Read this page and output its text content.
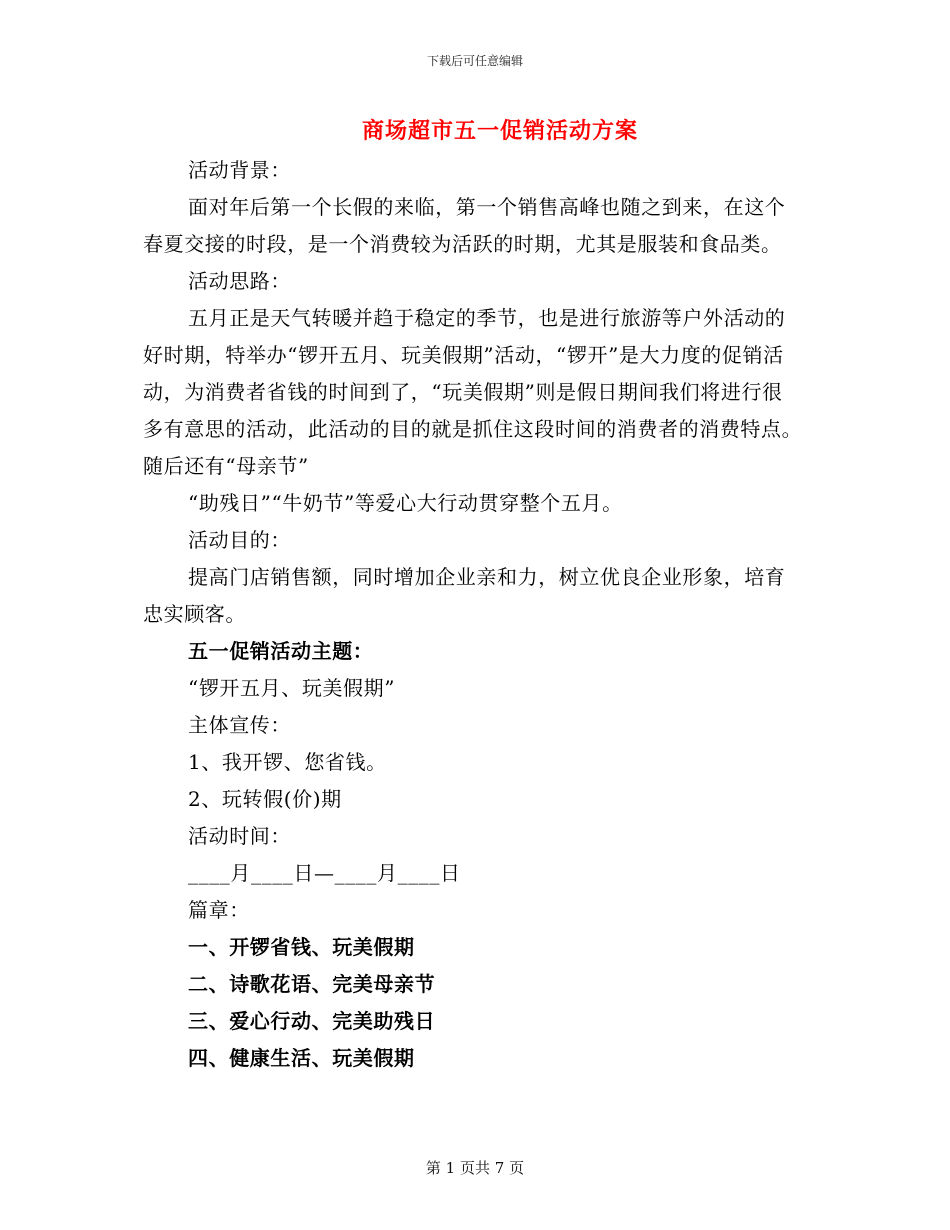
下载后可任意编辑
商场超市五一促销活动方案

活动背景：

面对年后第一个长假的来临，第一个销售高峰也随之到来，在这个春夏交接的时段，是一个消费较为活跃的时期，尤其是服装和食品类。

活动思路：

五月正是天气转暖并趋于稳定的季节，也是进行旅游等户外活动的好时期，特举办“锣开五月、玩美假期”活动，“锣开”是大力度的促销活动，为消费者省钱的时间到了，“玩美假期”则是假日期间我们将进行很多有意思的活动，此活动的目的就是抓住这段时间的消费者的消费特点。随后还有“母亲节”

“助残日”“牛奶节”等爱心大行动贯穿整个五月。

活动目的：

提高门店销售额，同时增加企业亲和力，树立优良企业形象，培育忠实顾客。

五一促销活动主题：

“锣开五月、玩美假期”

主体宣传：

1、我开锣、您省钱。

2、玩转假(价)期

活动时间：

____月____日—____月____日

篇章：

一、开锣省钱、玩美假期

二、诗歌花语、完美母亲节

三、爱心行动、完美助残日

四、健康生活、玩美假期

第 1 页共 7 页
